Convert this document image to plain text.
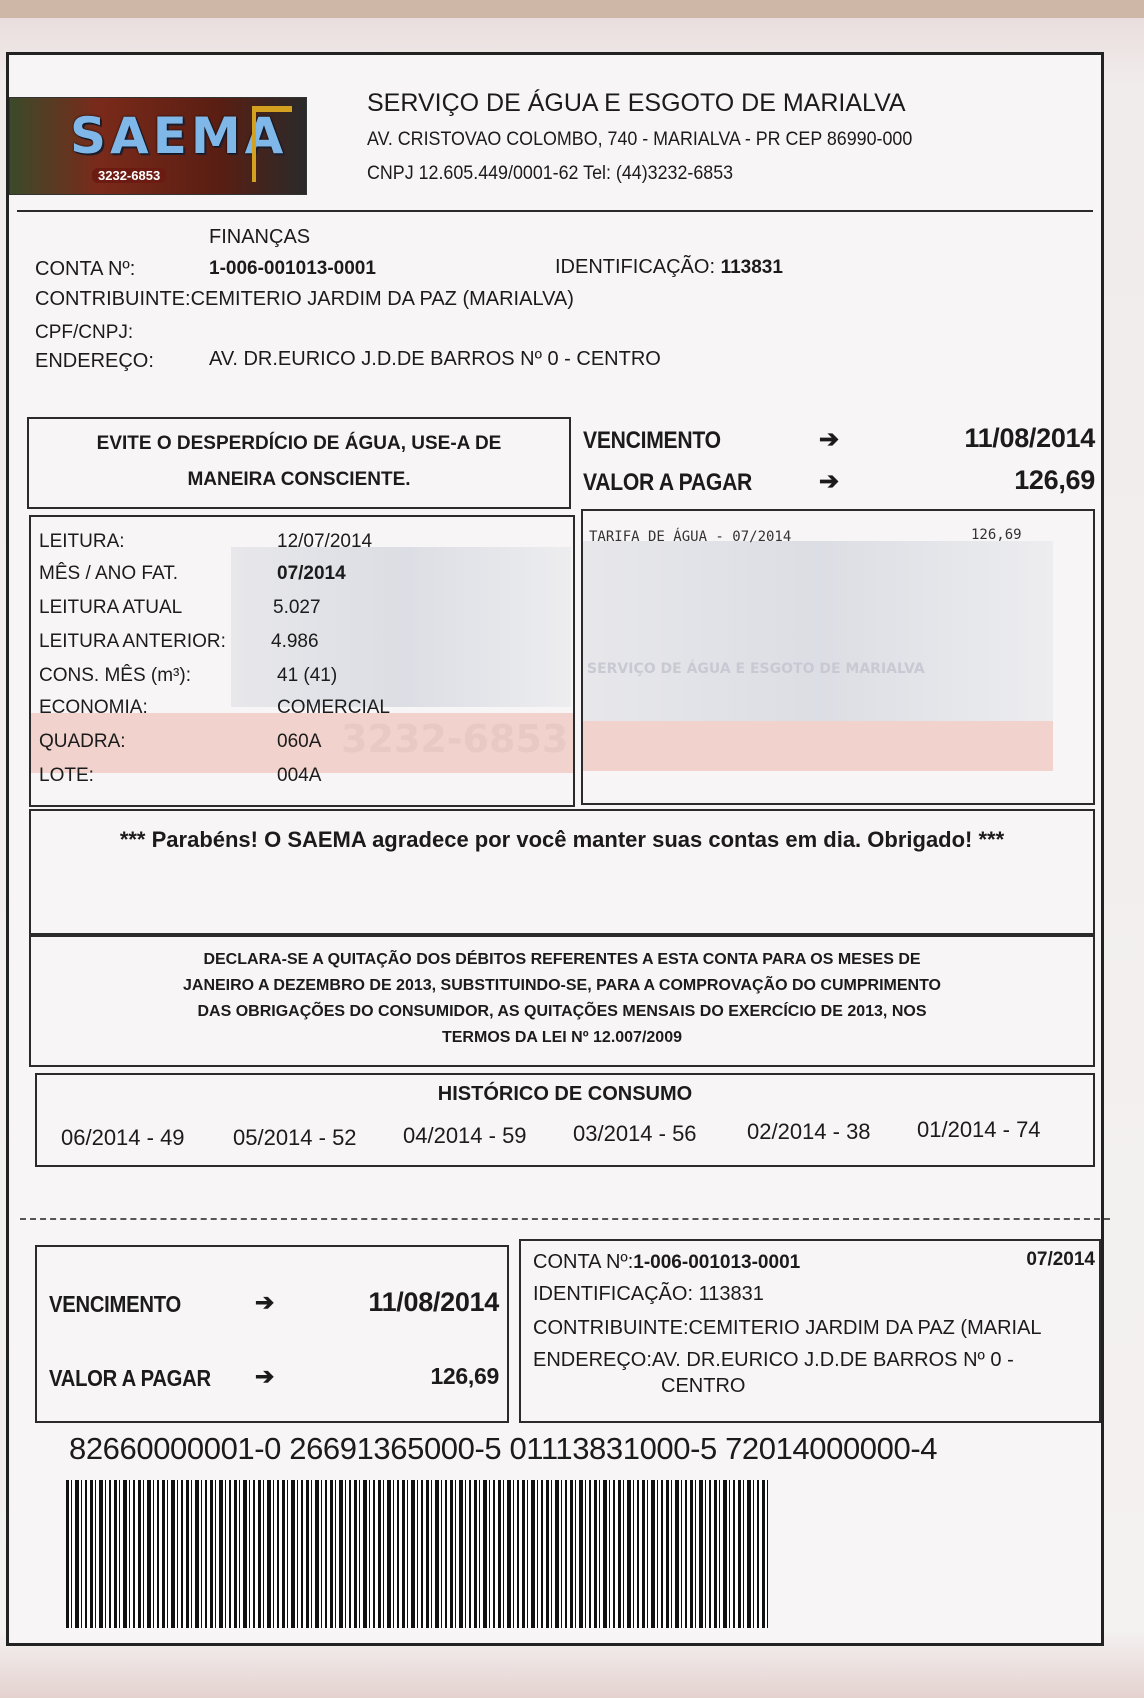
SAEMA
3232-6853
SERVIÇO DE ÁGUA E ESGOTO DE MARIALVA
AV. CRISTOVAO COLOMBO, 740 - MARIALVA - PR CEP 86990-000
CNPJ 12.605.449/0001-62 Tel: (44)3232-6853
FINANÇAS
CONTA Nº:	1-006-001013-0001	IDENTIFICAÇÃO: 113831
CONTRIBUINTE:CEMITERIO JARDIM DA PAZ (MARIALVA)
CPF/CNPJ:
ENDEREÇO:	AV. DR.EURICO J.D.DE BARROS Nº 0 - CENTRO
EVITE O DESPERDÍCIO DE ÁGUA, USE-A DE
MANEIRA CONSCIENTE.
VENCIMENTO	➔	11/08/2014
VALOR A PAGAR	➔	126,69
3232-6853
LEITURA:	12/07/2014
MÊS / ANO FAT.	07/2014
LEITURA ATUAL	5.027
LEITURA ANTERIOR: 4.986
CONS. MÊS (m³):	41 (41)
ECONOMIA:	COMERCIAL
QUADRA:	060A
LOTE:	004A
SERVIÇO DE ÁGUA E ESGOTO DE MARIALVA
TARIFA DE ÁGUA - 07/2014	126,69
*** Parabéns! O SAEMA agradece por você manter suas contas em dia. Obrigado! ***
DECLARA-SE A QUITAÇÃO DOS DÉBITOS REFERENTES A ESTA CONTA PARA OS MESES DE
JANEIRO A DEZEMBRO DE 2013, SUBSTITUINDO-SE, PARA A COMPROVAÇÃO DO CUMPRIMENTO
DAS OBRIGAÇÕES DO CONSUMIDOR, AS QUITAÇÕES MENSAIS DO EXERCÍCIO DE 2013, NOS
TERMOS DA LEI Nº 12.007/2009
HISTÓRICO DE CONSUMO
06/2014 - 49 05/2014 - 52 04/2014 - 59 03/2014 - 56 02/2014 - 38 01/2014 - 74
VENCIMENTO	➔	11/08/2014
VALOR A PAGAR ➔	126,69
CONTA Nº:1-006-001013-0001	07/2014
IDENTIFICAÇÃO: 113831
CONTRIBUINTE:CEMITERIO JARDIM DA PAZ (MARIAL
ENDEREÇO:AV. DR.EURICO J.D.DE BARROS Nº 0 -
CENTRO
82660000001-0 26691365000-5 01113831000-5 72014000000-4
